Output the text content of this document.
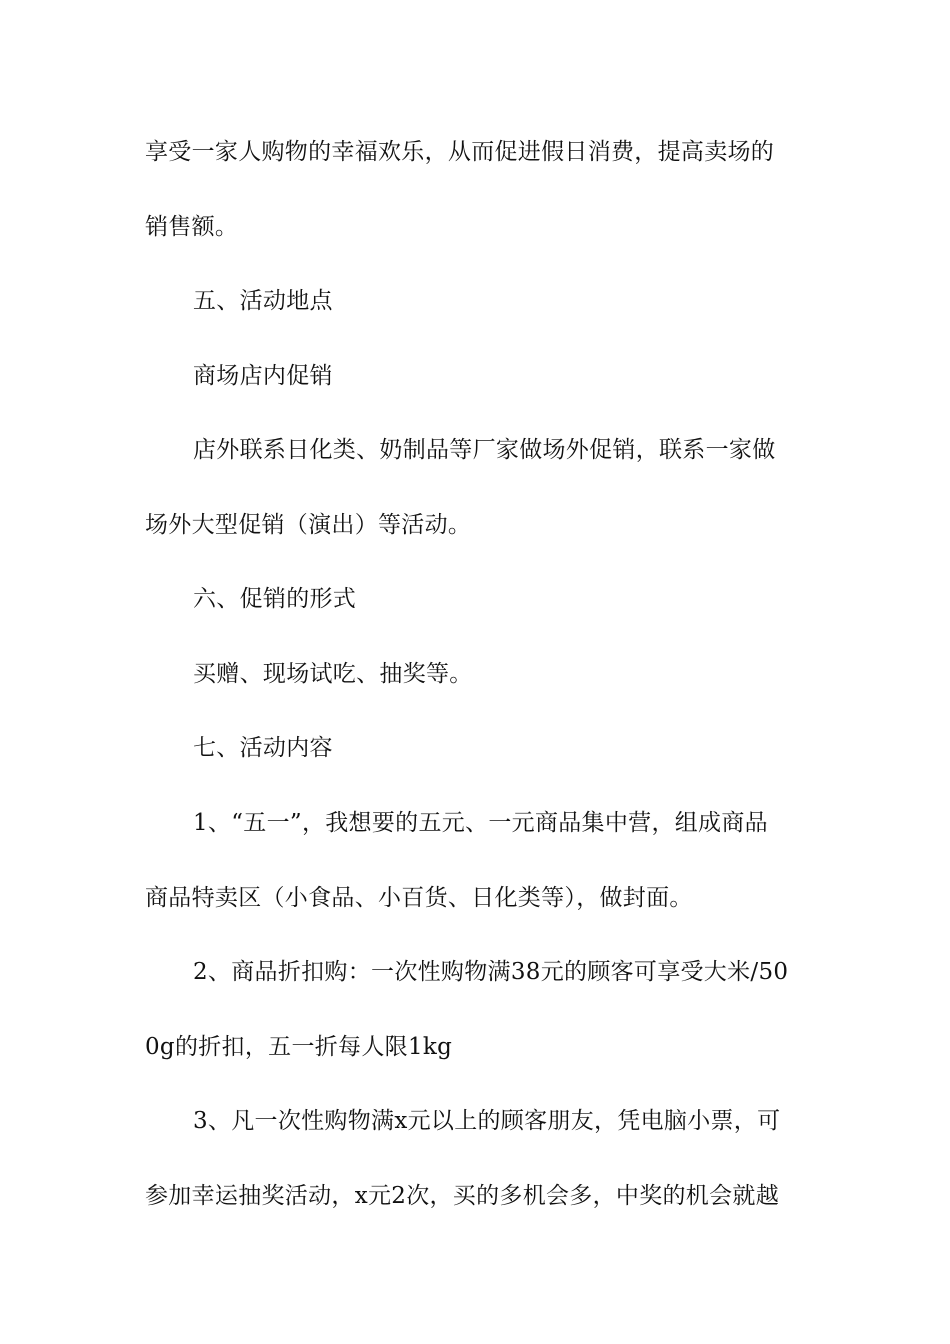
享受一家人购物的幸福欢乐，从而促进假日消费，提高卖场的
销售额。
五、活动地点
商场店内促销
店外联系日化类、奶制品等厂家做场外促销，联系一家做
场外大型促销（演出）等活动。
六、促销的形式
买赠、现场试吃、抽奖等。
七、活动内容
1、“五一”，我想要的五元、一元商品集中营，组成商品
商品特卖区（小食品、小百货、日化类等），做封面。
2、商品折扣购：一次性购物满38元的顾客可享受大米/50
0g的折扣，五一折每人限1kg
3、凡一次性购物满x元以上的顾客朋友，凭电脑小票，可
参加幸运抽奖活动，x元2次，买的多机会多，中奖的机会就越
